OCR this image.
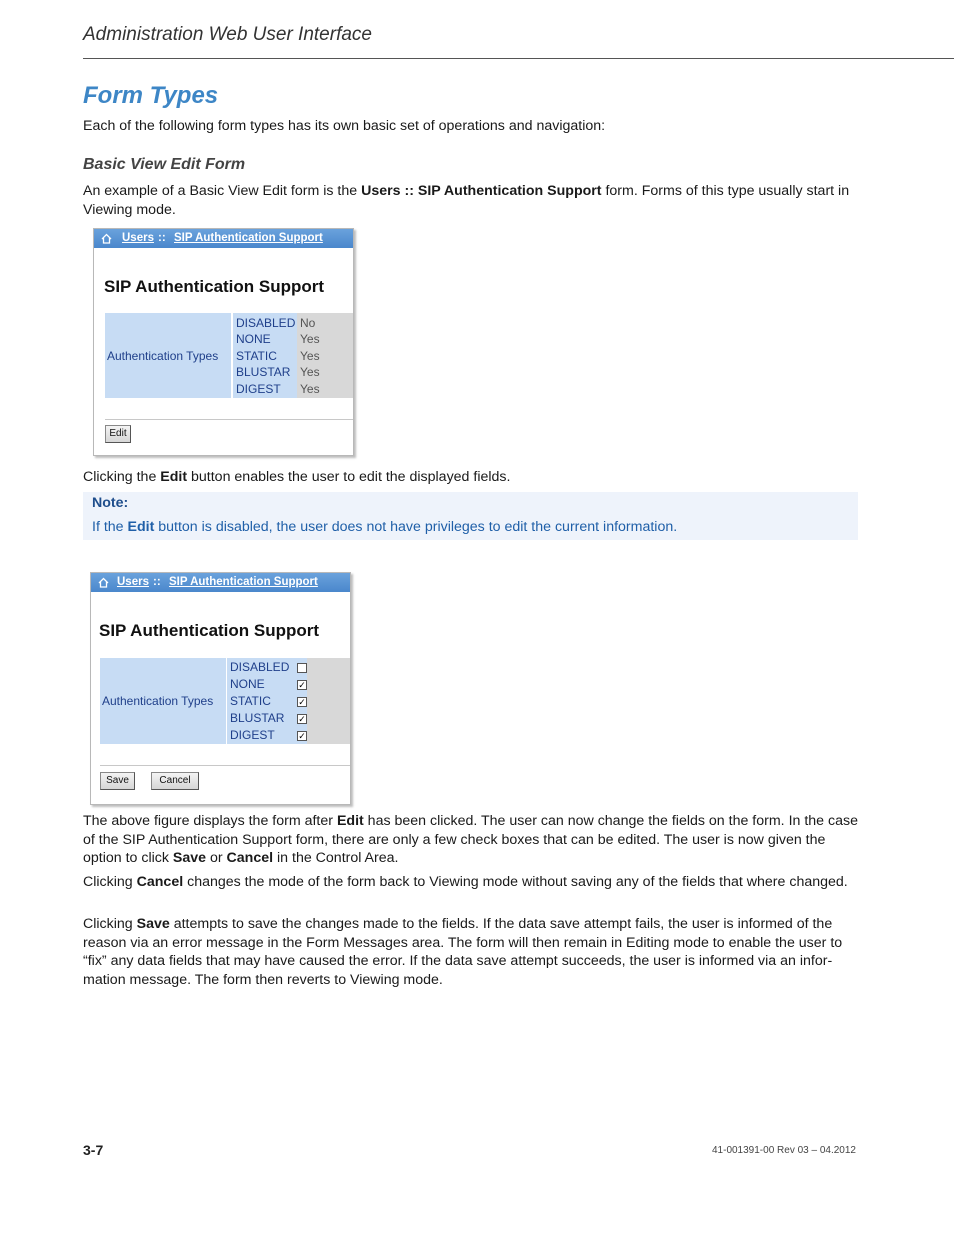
Administration Web User Interface
Form Types
Each of the following form types has its own basic set of operations and navigation:
Basic View Edit Form
An example of a Basic View Edit form is the Users :: SIP Authentication Support form. Forms of this type usually start in Viewing mode.
Users :: SIP Authentication Support
SIP Authentication Support
Authentication Types
DISABLED No
NONE Yes
STATIC Yes
BLUSTAR Yes
DIGEST Yes
Edit
Clicking the Edit button enables the user to edit the displayed fields.
Note:
If the Edit button is disabled, the user does not have privileges to edit the current information.
Users :: SIP Authentication Support
SIP Authentication Support
Authentication Types
DISABLED
NONE	✓
STATIC	✓
BLUSTAR ✓
DIGEST	✓
Save	Cancel
The above figure displays the form after Edit has been clicked. The user can now change the fields on the form. In the case of the SIP Authentication Support form, there are only a few check boxes that can be edited. The user is now given the option to click Save or Cancel in the Control Area.
Clicking Cancel changes the mode of the form back to Viewing mode without saving any of the fields that where changed.
Clicking Save attempts to save the changes made to the fields. If the data save attempt fails, the user is informed of the reason via an error message in the Form Messages area. The form will then remain in Editing mode to enable the user to “fix” any data fields that may have caused the error. If the data save attempt succeeds, the user is informed via an infor-mation message. The form then reverts to Viewing mode.
3-7	41-001391-00 Rev 03 – 04.2012
